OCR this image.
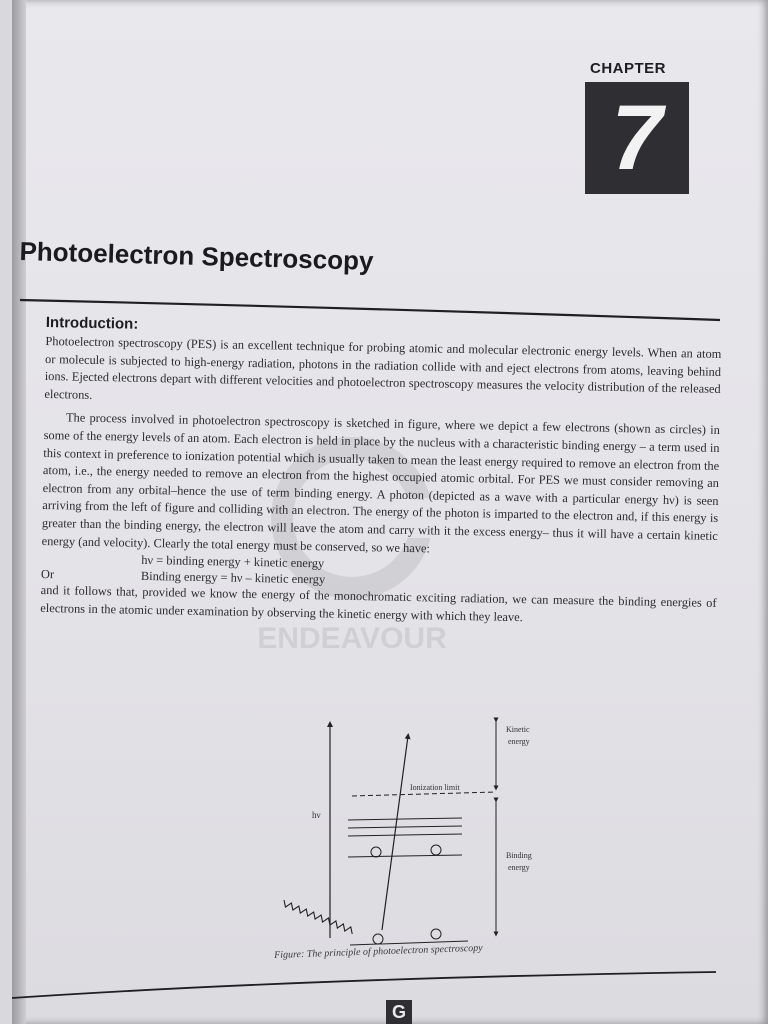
CHAPTER
7
Photoelectron Spectroscopy
ENDEAVOUR
Introduction:

Photoelectron spectroscopy (PES) is an excellent technique for probing atomic and molecular electronic energy levels. When an atom or molecule is subjected to high-energy radiation, photons in the radiation collide with and eject electrons from atoms, leaving behind ions. Ejected electrons depart with different velocities and photoelectron spectroscopy measures the velocity distribution of the released electrons.

The process involved in photoelectron spectroscopy is sketched in figure, where we depict a few electrons (shown as circles) in some of the energy levels of an atom. Each electron is held in place by the nucleus with a characteristic binding energy – a term used in this context in preference to ionization potential which is usually taken to mean the least energy required to remove an electron from the atom, i.e., the energy needed to remove an electron from the highest occupied atomic orbital. For PES we must consider removing an electron from any orbital–hence the use of term binding energy. A photon (depicted as a wave with a particular energy hν) is seen arriving from the left of figure and colliding with an electron. The energy of the photon is imparted to the electron and, if this energy is greater than the binding energy, the electron will leave the atom and carry with it the excess energy– thus it will have a certain kinetic energy (and velocity). Clearly the total energy must be conserved, so we have:

hν = binding energy + kinetic energy
Or	Binding energy = hν – kinetic energy

and it follows that, provided we know the energy of the monochromatic exciting radiation, we can measure the binding energies of electrons in the atomic under examination by observing the kinetic energy with which they leave.

hν
Ionization limit
Kinetic
energy
Binding
energy
Figure: The principle of photoelectron spectroscopy
G
